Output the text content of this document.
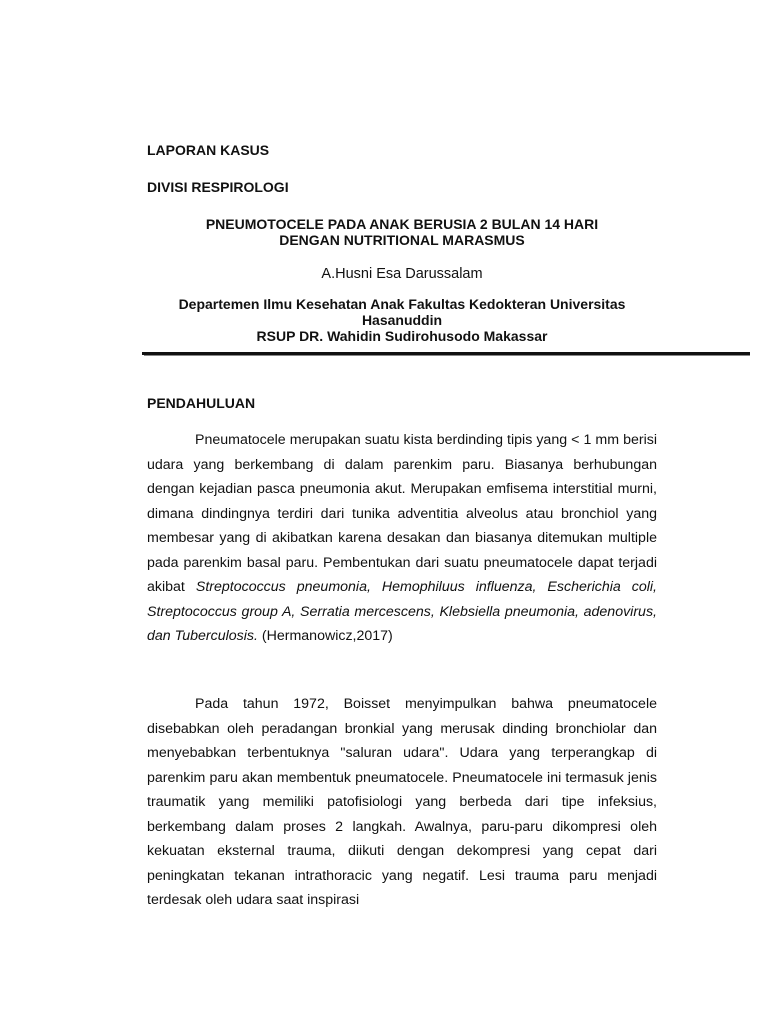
LAPORAN KASUS
DIVISI RESPIROLOGI
PNEUMOTOCELE PADA ANAK BERUSIA 2 BULAN 14 HARI
DENGAN NUTRITIONAL MARASMUS
A.Husni Esa Darussalam
Departemen Ilmu Kesehatan Anak Fakultas Kedokteran Universitas
Hasanuddin
RSUP DR. Wahidin Sudirohusodo Makassar
PENDAHULUAN

Pneumatocele merupakan suatu kista berdinding tipis yang < 1 mm berisi udara yang berkembang di dalam parenkim paru. Biasanya berhubungan dengan kejadian pasca pneumonia akut. Merupakan emfisema interstitial murni, dimana dindingnya terdiri dari tunika adventitia alveolus atau bronchiol yang membesar yang di akibatkan karena desakan dan biasanya ditemukan multiple pada parenkim basal paru. Pembentukan dari suatu pneumatocele dapat terjadi akibat Streptococcus pneumonia, Hemophiluus influenza, Escherichia coli, Streptococcus group A, Serratia mercescens, Klebsiella pneumonia, adenovirus, dan Tuberculosis. (Hermanowicz,2017)

Pada tahun 1972, Boisset menyimpulkan bahwa pneumatocele disebabkan oleh peradangan bronkial yang merusak dinding bronchiolar dan menyebabkan terbentuknya "saluran udara". Udara yang terperangkap di parenkim paru akan membentuk pneumatocele. Pneumatocele ini termasuk jenis traumatik yang memiliki patofisiologi yang berbeda dari tipe infeksius, berkembang dalam proses 2 langkah. Awalnya, paru-paru dikompresi oleh kekuatan eksternal trauma, diikuti dengan dekompresi yang cepat dari peningkatan tekanan intrathoracic yang negatif. Lesi trauma paru menjadi terdesak oleh udara saat inspirasi
